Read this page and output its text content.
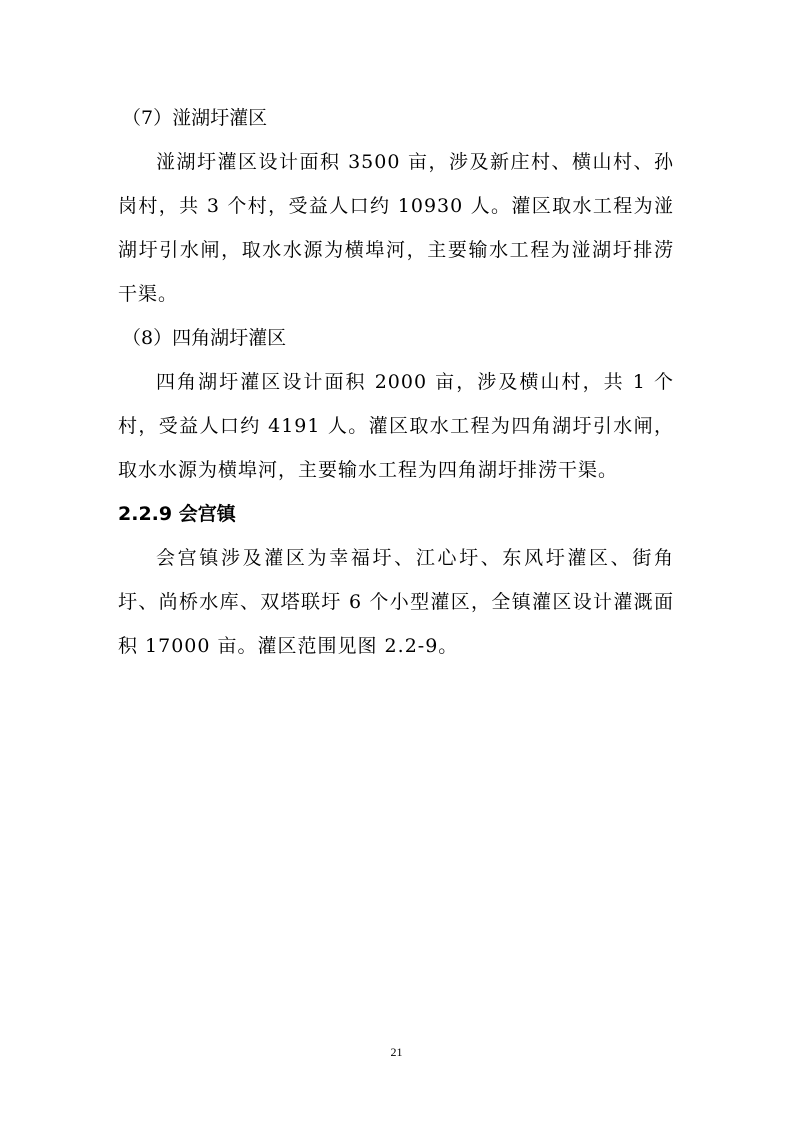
（7）湴湖圩灌区

湴湖圩灌区设计面积 3500 亩，涉及新庄村、横山村、孙岗村，共 3 个村，受益人口约 10930 人。灌区取水工程为湴湖圩引水闸，取水水源为横埠河，主要输水工程为湴湖圩排涝干渠。

（8）四角湖圩灌区

四角湖圩灌区设计面积 2000 亩，涉及横山村，共 1 个村，受益人口约 4191 人。灌区取水工程为四角湖圩引水闸，取水水源为横埠河，主要输水工程为四角湖圩排涝干渠。

2.2.9 会宫镇

会宫镇涉及灌区为幸福圩、江心圩、东风圩灌区、街角圩、尚桥水库、双塔联圩 6 个小型灌区，全镇灌区设计灌溉面积 17000 亩。灌区范围见图 2.2-9。

21
